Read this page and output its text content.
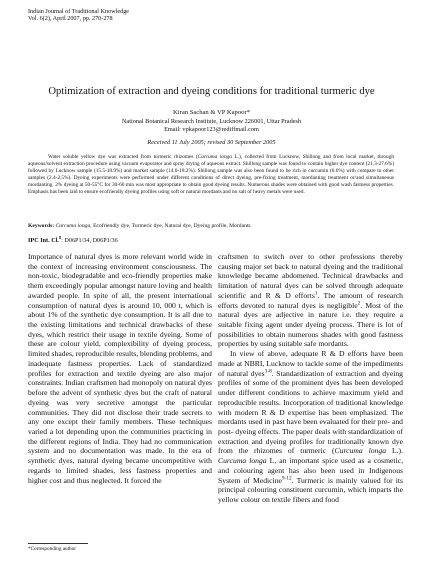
Indian Journal of Traditional Knowledge
Vol. 6(2), April 2007, pp. 270-278
Optimization of extraction and dyeing conditions for traditional turmeric dye
Kiran Sachan & VP Kapoor*
National Botanical Research Institute, Lucknow 226001, Uttar Pradesh
Email: vpkapoor123@rediffmail.com
Received 11 July 2005; revised 30 September 2005

Water soluble yellow dye was extracted from turmeric rhizomes (Curcuma longa L.), collected from Lucknow, Shillong and from local market, through aqueous/solvent extraction procedure using vacuum evaporator and spray drying of aqueous extract. Shillong sample was found to contain higher dye content (21.3-27.6%) followed by Lucknow sample (15.5-18.9%) and market sample (14.0-18.2%). Shillong sample was also been found to be rich in curcumin (6.6%) with compare to other samples (2.4-2.5%). Dyeing experiments were performed under different conditions of direct dyeing, pre-fixing treatment, mordanting treatment or/and simultaneous mordanting. 2% dyeing at 50-55°C for 30-60 min was most appropriate to obtain good dyeing results. Numerous shades were obtained with good wash fastness properties. Emphasis has been laid to ensure ecofriendly dyeing profiles using soft or natural mordants and no salt of heavy metals were used.

Keywords: Curcuma longa, Ecofriendly dye, Turmeric dye, Natural dye, Dyeing profile, Mordants

IPC Int. Cl.$^8$: D06P1/34, D06P1/36

Importance of natural dyes is more relevant world wide in the context of increasing environment consciousness. The non-toxic, biodegradable and eco-friendly properties make them exceedingly popular amongst nature loving and health awarded people. In spite of all, the present international consumption of natural dyes is around 10, 000 t, which is about 1% of the synthetic dye consumption. It is all due to the existing limitations and technical drawbacks of these dyes, which restrict their usage in textile dyeing. Some of these are colour yield, complexibility of dyeing process, limited shades, reproducible results, blending problems, and inadequate fastness properties. Lack of standardized profiles for extraction and textile dyeing are also major constraints. Indian craftsmen had monopoly on natural dyes before the advent of synthetic dyes but the craft of natural dyeing was very secretive amongst the particular communities. They did not disclose their trade secrets to any one except their family members. These techniques varied a lot depending upon the communities practicing in the different regions of India. They had no communication system and no documentation was made. In the era of synthetic dyes, natural dyeing became uncompetitive with regards to limited shades, less fastness properties and higher cost and thus neglected. It forced the

craftsmen to switch over to other professions thereby causing major set back to natural dyeing and the traditional knowledge became abdomened. Technical drawbacks and limitation of natural dyes can be solved through adequate scientific and R & D efforts$^1$. The amount of research efforts devoted to natural dyes is negligible$^2$. Most of the natural dyes are adjective in nature i.e. they require a suitable fixing agent under dyeing process. There is lot of possibilities to obtain numerous shades with good fastness properties by using suitable safe mordants.

In view of above, adequate R & D efforts have been made at NBRI, Lucknow to tackle some of the impediments of natural dyes$^{3-8}$. Standardization of extraction and dyeing profiles of some of the prominent dyes has been developed under different conditions to achieve maximum yield and reproducible results. Incorporation of traditional knowledge with modern R & D expertise has been emphasized. The mordants used in past have been evaluated for their pre- and post- dyeing effects. The paper deals with standardization of extraction and dyeing profiles for traditionally known dye from the rhizomes of turmeric (Curcuma longa L.). Curcuma longa L, an important spice used as a cosmetic, and colouring agent has also been used in Indigenous System of Medicine$^{9-12}$. Turmeric is mainly valued for its principal colouring constituent curcumin, which imparts the yellow colour on textile fibers and food

*Corresponding author
